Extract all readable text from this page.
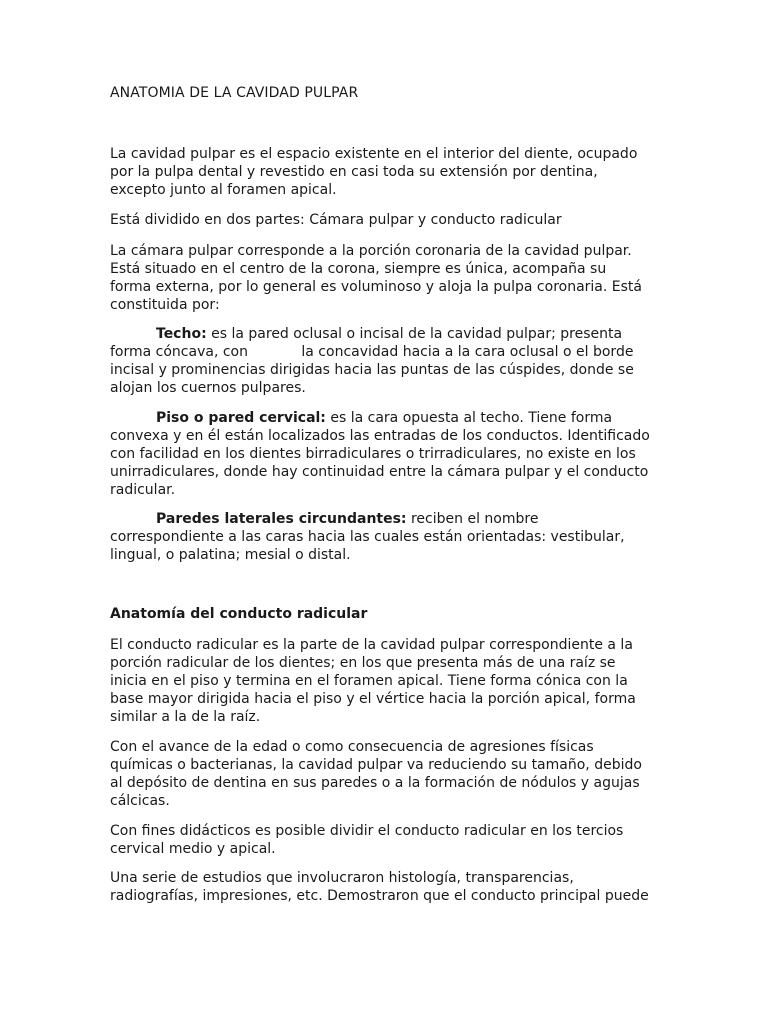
ANATOMIA DE LA CAVIDAD PULPAR

La cavidad pulpar es el espacio existente en el interior del diente, ocupado

por la pulpa dental y revestido en casi toda su extensión por dentina,

excepto junto al foramen apical.

Está dividido en dos partes: Cámara pulpar y conducto radicular

La cámara pulpar corresponde a la porción coronaria de la cavidad pulpar.

Está situado en el centro de la corona, siempre es única, acompaña su

forma externa, por lo general es voluminoso y aloja la pulpa coronaria. Está

constituida por:

Techo: es la pared oclusal o incisal de la cavidad pulpar; presenta

forma cóncava, con            la concavidad hacia a la cara oclusal o el borde

incisal y prominencias dirigidas hacia las puntas de las cúspides, donde se

alojan los cuernos pulpares.

Piso o pared cervical: es la cara opuesta al techo. Tiene forma

convexa y en él están localizados las entradas de los conductos. Identificado

con facilidad en los dientes birradiculares o trirradiculares, no existe en los

unirradiculares, donde hay continuidad entre la cámara pulpar y el conducto

radicular.

Paredes laterales circundantes: reciben el nombre

correspondiente a las caras hacia las cuales están orientadas: vestibular,

lingual, o palatina; mesial o distal.

Anatomía del conducto radicular

El conducto radicular es la parte de la cavidad pulpar correspondiente a la

porción radicular de los dientes; en los que presenta más de una raíz se

inicia en el piso y termina en el foramen apical. Tiene forma cónica con la

base mayor dirigida hacia el piso y el vértice hacia la porción apical, forma

similar a la de la raíz.

Con el avance de la edad o como consecuencia de agresiones físicas

químicas o bacterianas, la cavidad pulpar va reduciendo su tamaño, debido

al depósito de dentina en sus paredes o a la formación de nódulos y agujas

cálcicas.

Con fines didácticos es posible dividir el conducto radicular en los tercios

cervical medio y apical.

Una serie de estudios que involucraron histología, transparencias,

radiografías, impresiones, etc. Demostraron que el conducto principal puede
